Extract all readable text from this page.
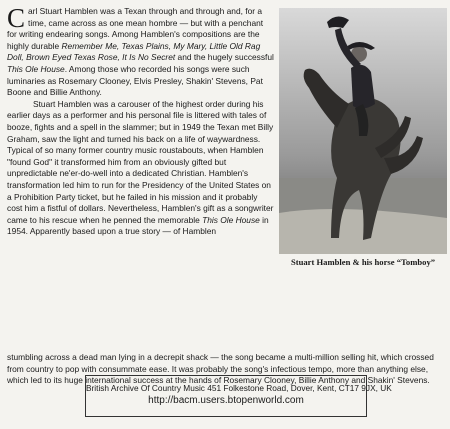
Carl Stuart Hamblen was a Texan through and through and, for a time, came across as one mean hombre — but with a penchant for writing endearing songs. Among Hamblen's compositions are the highly durable Remember Me, Texas Plains, My Mary, Little Old Rag Doll, Brown Eyed Texas Rose, It Is No Secret and the hugely successful This Ole House. Among those who recorded his songs were such luminaries as Rosemary Clooney, Elvis Presley, Shakin' Stevens, Pat Boone and Billie Anthony.

Stuart Hamblen was a carouser of the highest order during his earlier days as a performer and his personal file is littered with tales of booze, fights and a spell in the slammer; but in 1949 the Texan met Billy Graham, saw the light and turned his back on a life of waywardness. Typical of so many former country music roustabouts, when Hamblen "found God" it transformed him from an obviously gifted but unpredictable ne'er-do-well into a dedicated Christian. Hamblen's transformation led him to run for the Presidency of the United States on a Prohibition Party ticket, but he failed in his mission and it probably cost him a fistful of dollars. Nevertheless, Hamblen's gift as a songwriter came to his rescue when he penned the memorable This Ole House in 1954. Apparently based upon a true story — of Hamblen

stumbling across a dead man lying in a decrepit shack — the song became a multi-million selling hit, which crossed from country to pop with consummate ease. It was probably the song's infectious tempo, more than anything else, which led to its huge international success at the hands of Rosemary Clooney, Billie Anthony and Shakin' Stevens.

Stuart Hamblen & his horse “Tomboy”
British Archive Of Country Music 451 Folkestone Road, Dover, Kent, CT17 9JX, UK
http://bacm.users.btopenworld.com
